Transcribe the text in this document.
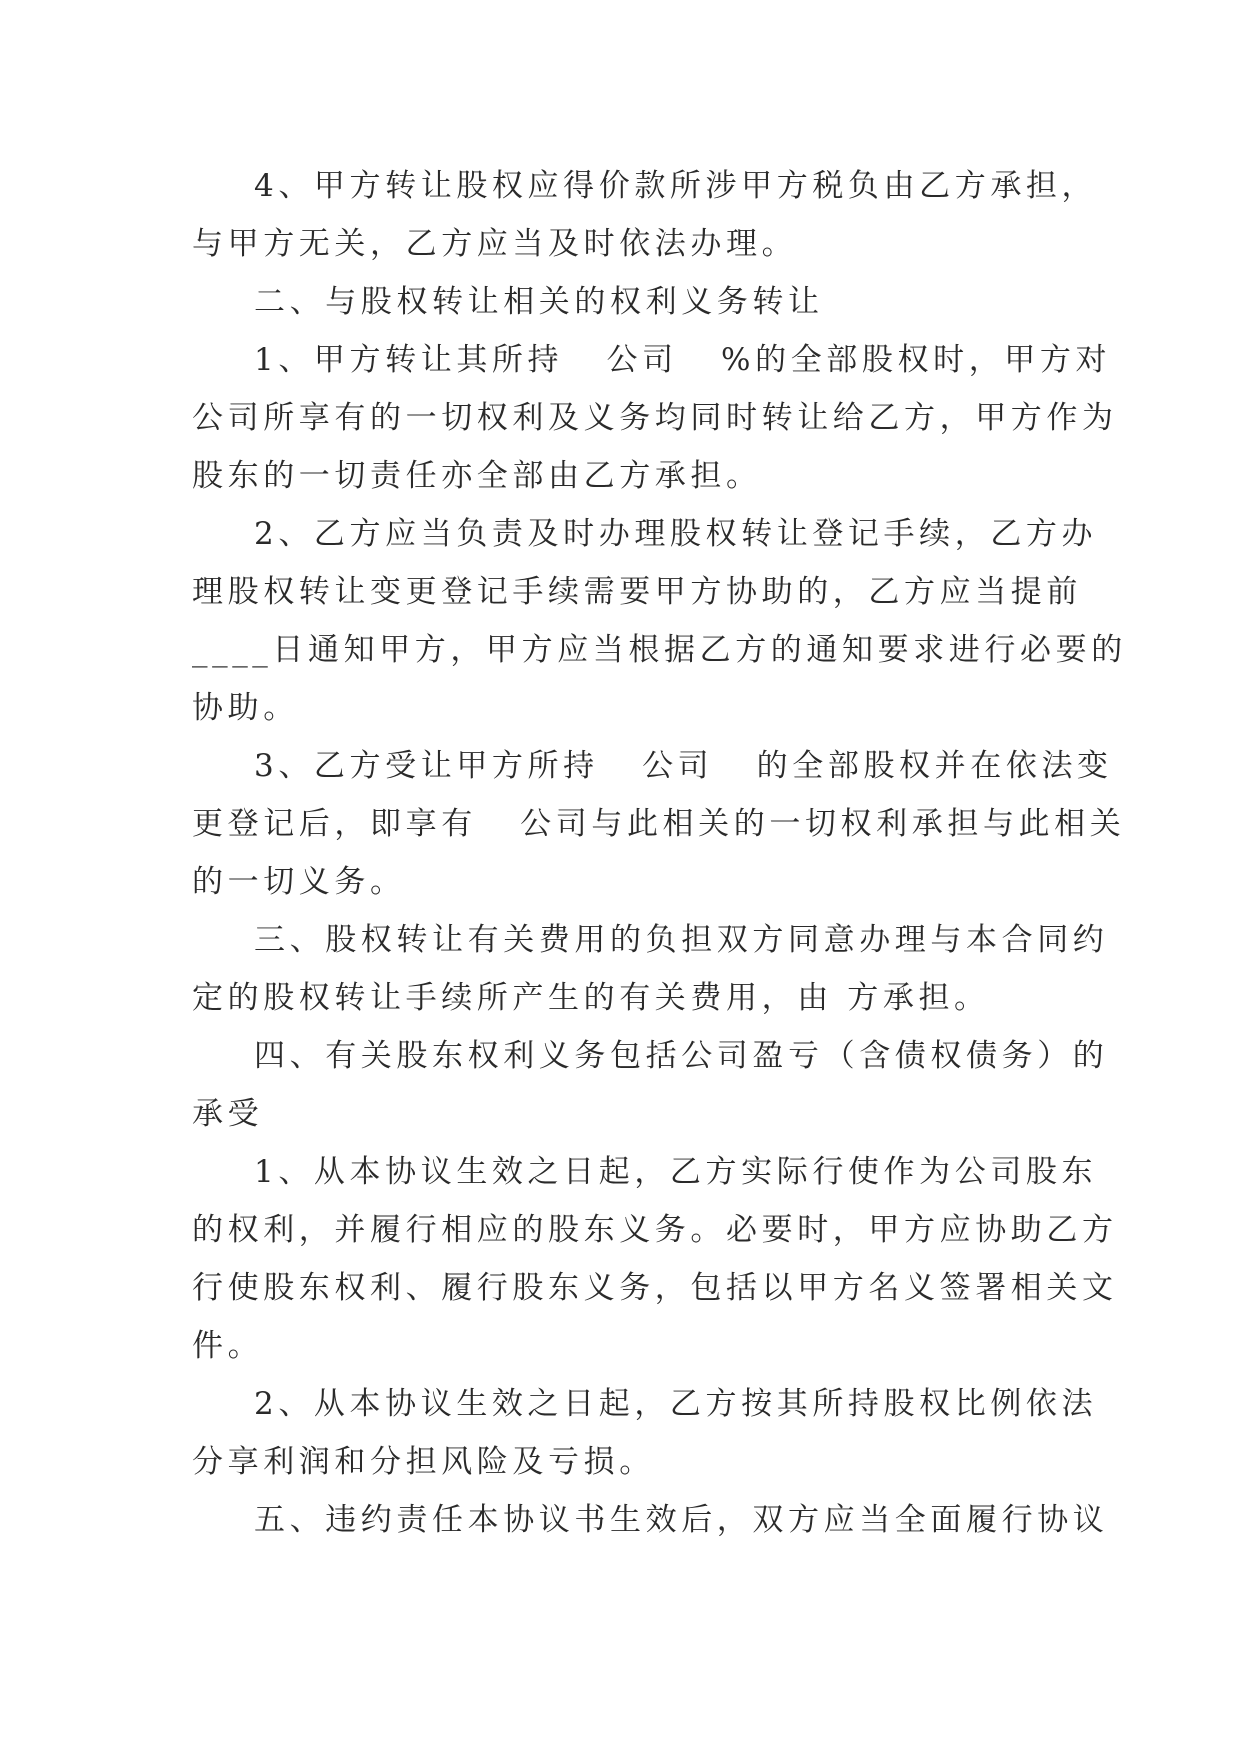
4、甲方转让股权应得价款所涉甲方税负由乙方承担，

与甲方无关，乙方应当及时依法办理。

二、与股权转让相关的权利义务转让

1、甲方转让其所持   公司   %的全部股权时，甲方对

公司所享有的一切权利及义务均同时转让给乙方，甲方作为

股东的一切责任亦全部由乙方承担。

2、乙方应当负责及时办理股权转让登记手续，乙方办

理股权转让变更登记手续需要甲方协助的，乙方应当提前

____日通知甲方，甲方应当根据乙方的通知要求进行必要的

协助。

3、乙方受让甲方所持   公司   的全部股权并在依法变

更登记后，即享有   公司与此相关的一切权利承担与此相关

的一切义务。

三、股权转让有关费用的负担双方同意办理与本合同约

定的股权转让手续所产生的有关费用，由 方承担。

四、有关股东权利义务包括公司盈亏（含债权债务）的

承受

1、从本协议生效之日起，乙方实际行使作为公司股东

的权利，并履行相应的股东义务。必要时，甲方应协助乙方

行使股东权利、履行股东义务，包括以甲方名义签署相关文

件。

2、从本协议生效之日起，乙方按其所持股权比例依法

分享利润和分担风险及亏损。

五、违约责任本协议书生效后，双方应当全面履行协议
